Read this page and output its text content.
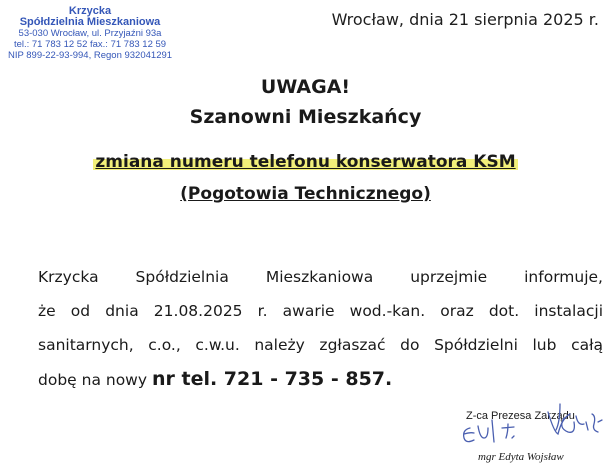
Krzycka
Spółdzielnia Mieszkaniowa
53-030 Wrocław, ul. Przyjaźni 93a
tel.: 71 783 12 52 fax.: 71 783 12 59
NIP 899-22-93-994, Regon 932041291
Wrocław, dnia 21 sierpnia 2025 r.
UWAGA!
Szanowni Mieszkańcy
zmiana numeru telefonu konserwatora KSM
(Pogotowia Technicznego)
Krzycka Spółdzielnia Mieszkaniowa uprzejmie informuje,
że od dnia 21.08.2025 r. awarie wod.-kan. oraz dot. instalacji
sanitarnych, c.o., c.w.u. należy zgłaszać do Spółdzielni lub całą
dobę na nowy nr tel. 721 - 735 - 857.
Z-ca Prezesa Zarządu
mgr Edyta Wojsław
